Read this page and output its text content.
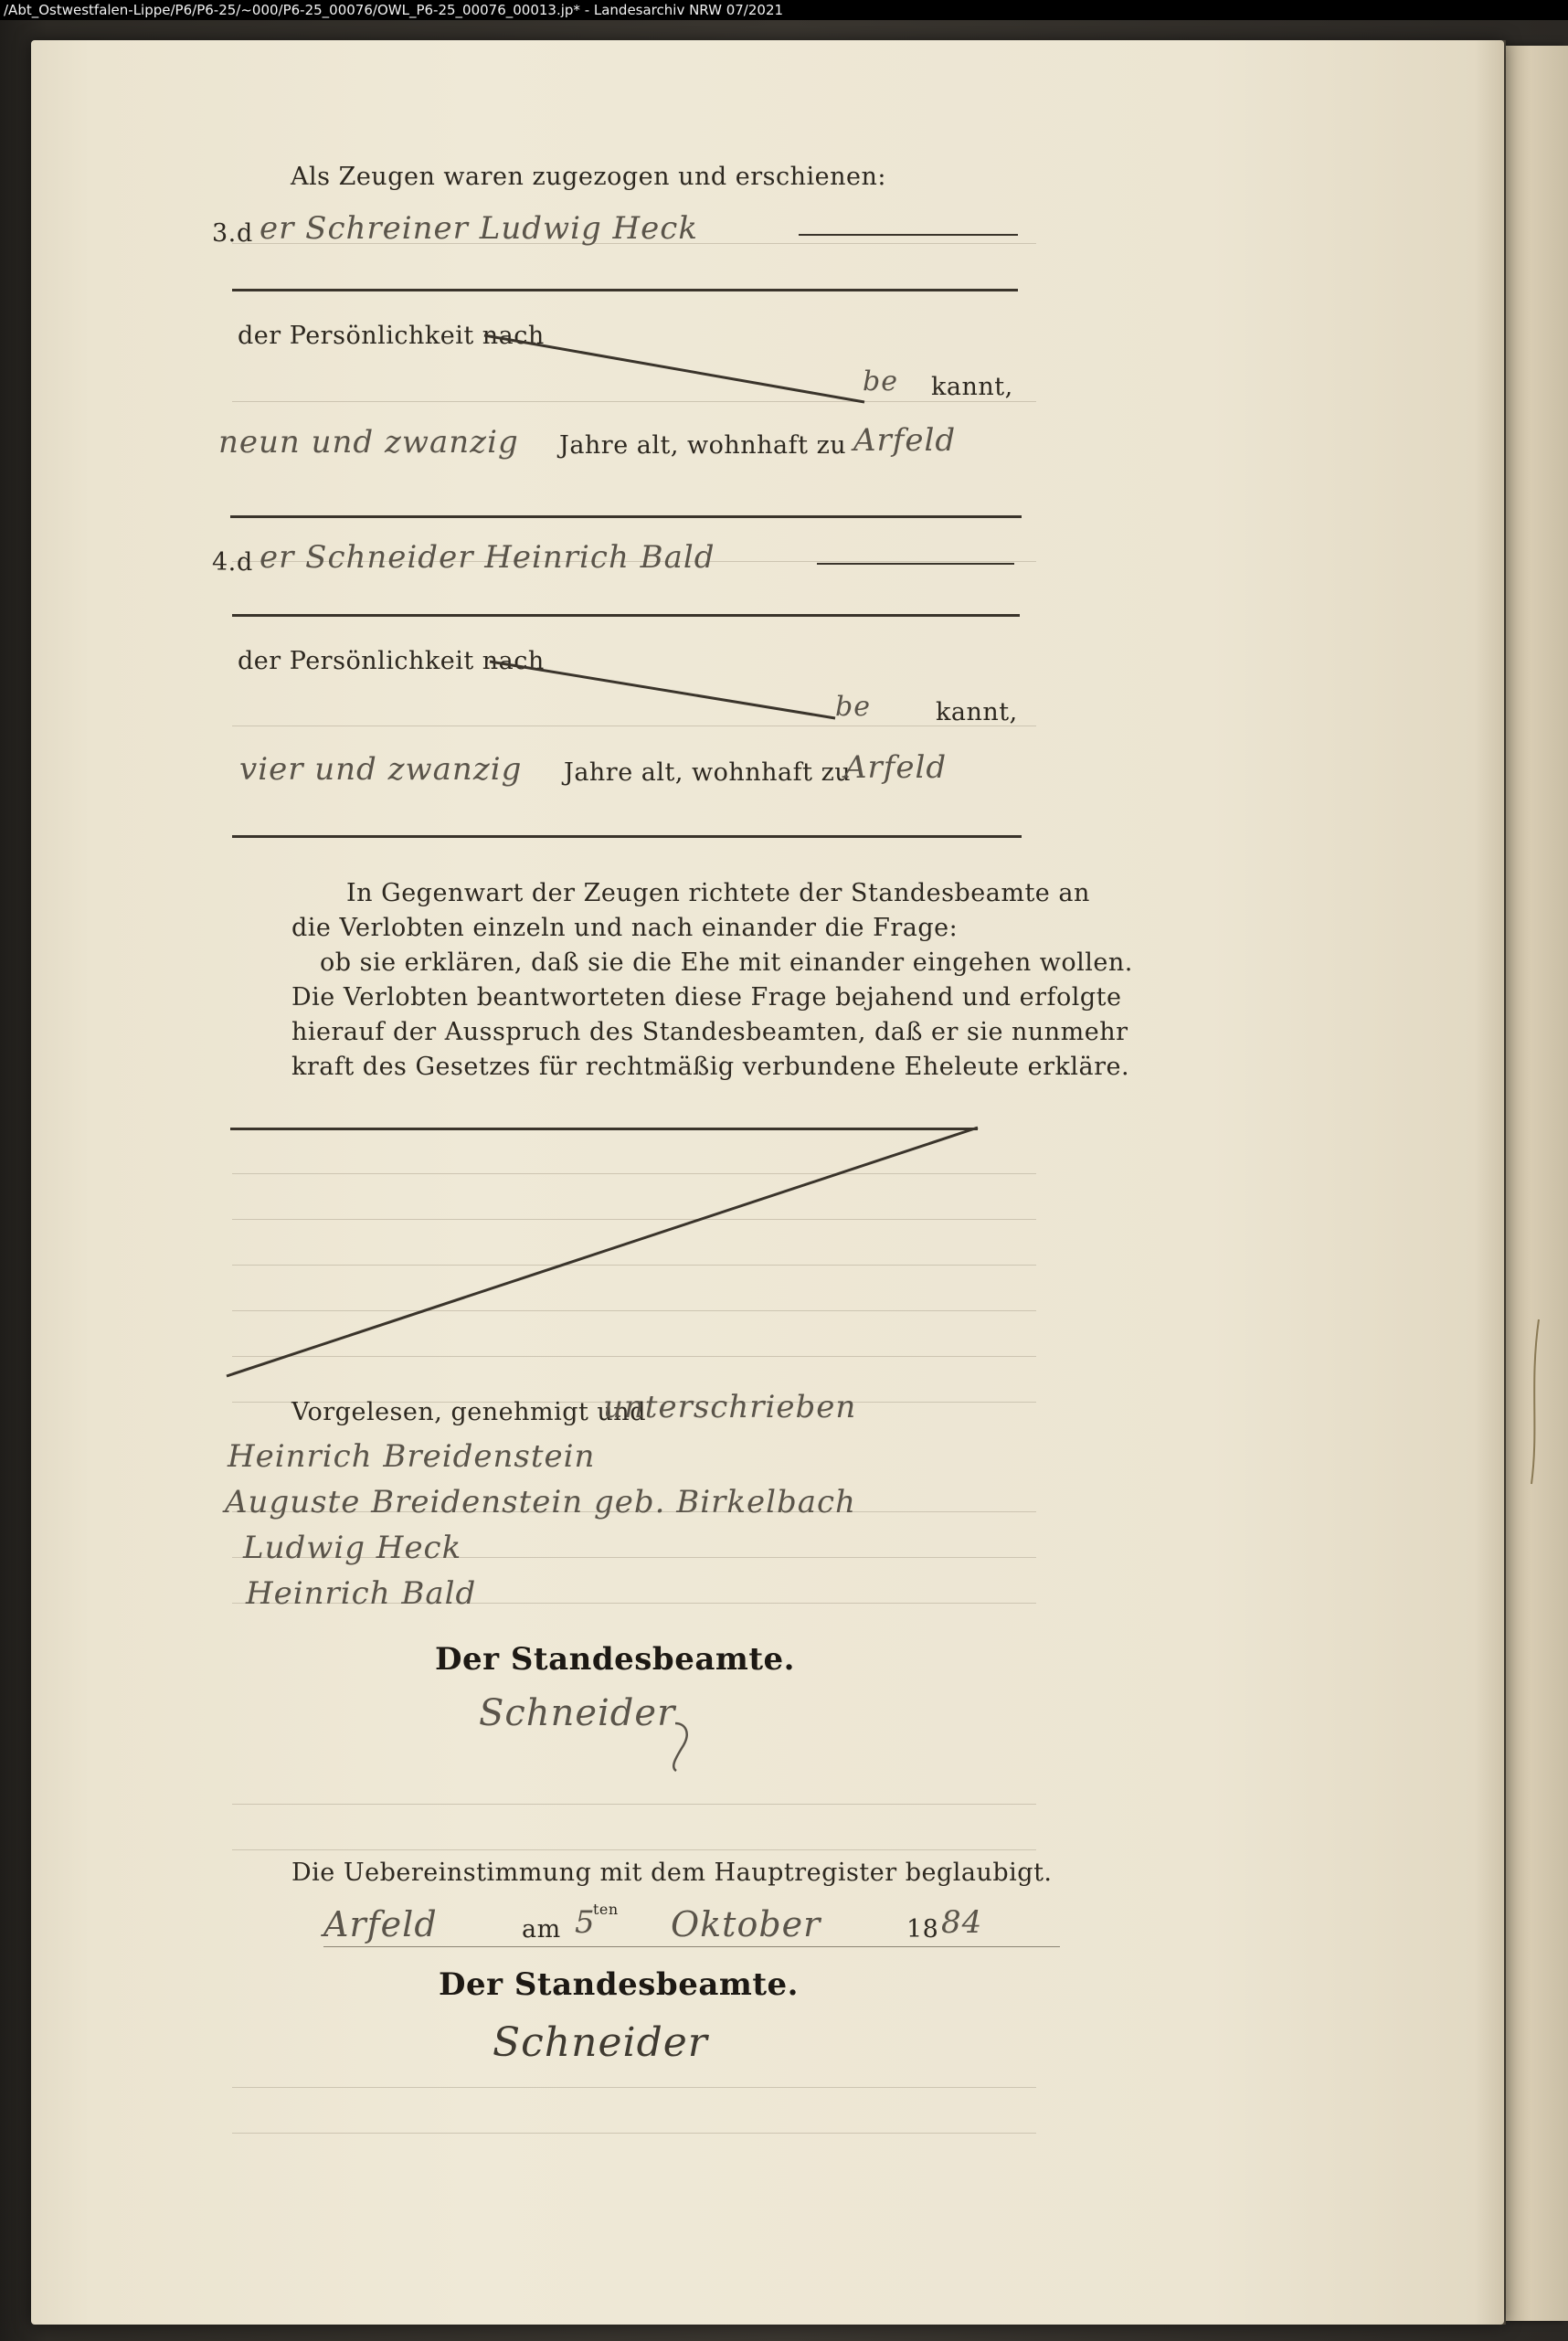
/Abt_Ostwestfalen-Lippe/P6/P6-25/~000/P6-25_00076/OWL_P6-25_00076_00013.jp* - Landesarchiv NRW 07/2021
Als Zeugen waren zugezogen und erschienen:
3. d er Schreiner Ludwig Heck
der Persönlichkeit nach
be kannt,
neun und zwanzig Jahre alt, wohnhaft zu Arfeld
4. d er Schneider Heinrich Bald
der Persönlichkeit nach
be	kannt,
vier und zwanzig Jahre alt, wohnhaft zu
Arfeld
In Gegenwart der Zeugen richtete der Standesbeamte an
die Verlobten einzeln und nach einander die Frage:
ob sie erklären, daß sie die Ehe mit einander eingehen wollen.
Die Verlobten beantworteten diese Frage bejahend und erfolgte
hierauf der Ausspruch des Standesbeamten, daß er sie nunmehr
kraft des Gesetzes für rechtmäßig verbundene Eheleute erkläre.
Vorgelesen, genehmigt und
unterschrieben
Heinrich Breidenstein
Auguste Breidenstein geb. Birkelbach
Ludwig Heck
Heinrich Bald
Der Standesbeamte.
Schneider
Die Uebereinstimmung mit dem Hauptregister beglaubigt.
Arfeld	am 5
ten Oktober	18 84
Der Standesbeamte.
Schneider
